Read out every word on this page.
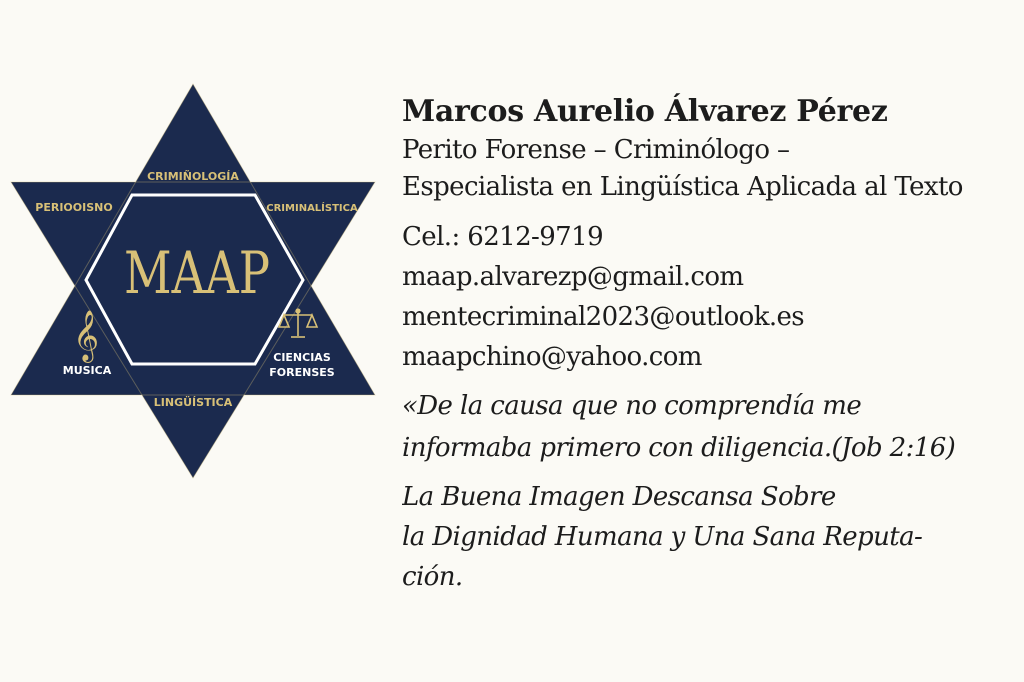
CRIMIÑOLOGÍA
PERIOOISNO	CRIMINALÍSTICA
MAAP
𝄞
MUSICA
CIENCIAS
FORENSES
LINGÜÍSTICA
Marcos Aurelio Álvarez Pérez
Perito Forense – Criminólogo –
Especialista en Lingüística Aplicada al Texto
Cel.: 6212-9719
maap.alvarezp@gmail.com
mentecriminal2023@outlook.es
maapchino@yahoo.com
«De la causa que no comprendía me
informaba primero con diligencia.(Job 2:16)
La Buena Imagen Descansa Sobre
la Dignidad Humana y Una Sana Reputa-
ción.
